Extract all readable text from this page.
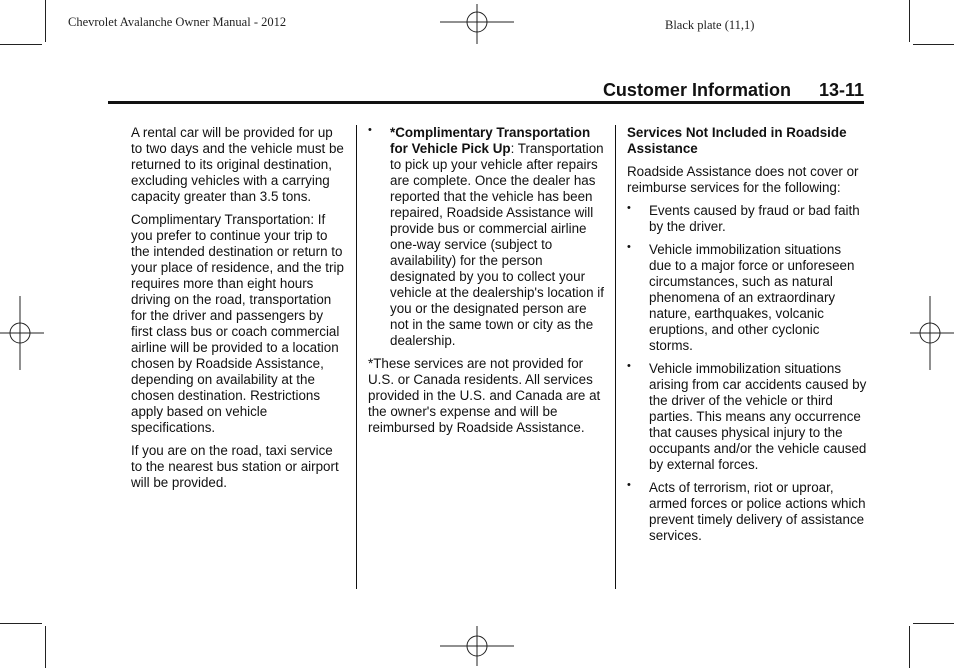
Chevrolet Avalanche Owner Manual - 2012	Black plate (11,1)
Customer Information 13-11

A rental car will be provided for up to two days and the vehicle must be returned to its original destination, excluding vehicles with a carrying capacity greater than 3.5 tons.

Complimentary Transportation: If you prefer to continue your trip to the intended destination or return to your place of residence, and the trip requires more than eight hours driving on the road, transportation for the driver and passengers by first class bus or coach commercial airline will be provided to a location chosen by Roadside Assistance, depending on availability at the chosen destination. Restrictions apply based on vehicle specifications.

If you are on the road, taxi service to the nearest bus station or airport will be provided.

• *Complimentary Transportation for Vehicle Pick Up: Transportation to pick up your vehicle after repairs are complete. Once the dealer has reported that the vehicle has been repaired, Roadside Assistance will provide bus or commercial airline one-way service (subject to availability) for the person designated by you to collect your vehicle at the dealership's location if you or the designated person are not in the same town or city as the dealership.

*These services are not provided for U.S. or Canada residents. All services provided in the U.S. and Canada are at the owner's expense and will be reimbursed by Roadside Assistance.

Services Not Included in Roadside Assistance

Roadside Assistance does not cover or reimburse services for the following:

• Events caused by fraud or bad faith by the driver.
• Vehicle immobilization situations due to a major force or unforeseen circumstances, such as natural phenomena of an extraordinary nature, earthquakes, volcanic eruptions, and other cyclonic storms.
• Vehicle immobilization situations arising from car accidents caused by the driver of the vehicle or third parties. This means any occurrence that causes physical injury to the occupants and/or the vehicle caused by external forces.
• Acts of terrorism, riot or uproar, armed forces or police actions which prevent timely delivery of assistance services.
